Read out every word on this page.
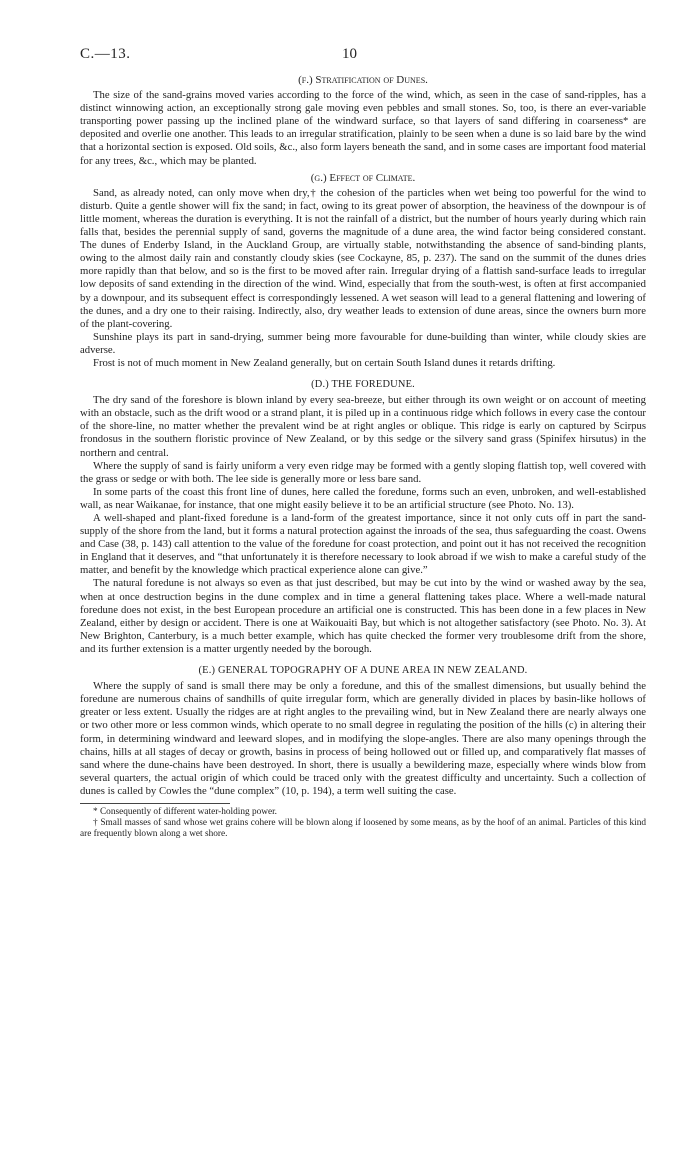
C.—13.	10
(f.) Stratification of Dunes.

The size of the sand-grains moved varies according to the force of the wind, which, as seen in the case of sand-ripples, has a distinct winnowing action, an exceptionally strong gale moving even pebbles and small stones. So, too, is there an ever-variable transporting power passing up the inclined plane of the windward surface, so that layers of sand differing in coarseness* are deposited and overlie one another. This leads to an irregular stratification, plainly to be seen when a dune is so laid bare by the wind that a horizontal section is exposed. Old soils, &c., also form layers beneath the sand, and in some cases are important food material for any trees, &c., which may be planted.

(g.) Effect of Climate.

Sand, as already noted, can only move when dry,† the cohesion of the particles when wet being too powerful for the wind to disturb. Quite a gentle shower will fix the sand; in fact, owing to its great power of absorption, the heaviness of the downpour is of little moment, whereas the duration is everything. It is not the rainfall of a district, but the number of hours yearly during which rain falls that, besides the perennial supply of sand, governs the magnitude of a dune area, the wind factor being considered constant. The dunes of Enderby Island, in the Auckland Group, are virtually stable, notwithstanding the absence of sand-binding plants, owing to the almost daily rain and constantly cloudy skies (see Cockayne, 85, p. 237). The sand on the summit of the dunes dries more rapidly than that below, and so is the first to be moved after rain. Irregular drying of a flattish sand-surface leads to irregular low deposits of sand extending in the direction of the wind. Wind, especially that from the south-west, is often at first accompanied by a downpour, and its subsequent effect is correspondingly lessened. A wet season will lead to a general flattening and lowering of the dunes, and a dry one to their raising. Indirectly, also, dry weather leads to extension of dune areas, since the owners burn more of the plant-covering.

Sunshine plays its part in sand-drying, summer being more favourable for dune-building than winter, while cloudy skies are adverse.

Frost is not of much moment in New Zealand generally, but on certain South Island dunes it retards drifting.

(D.) THE FOREDUNE.

The dry sand of the foreshore is blown inland by every sea-breeze, but either through its own weight or on account of meeting with an obstacle, such as the drift wood or a strand plant, it is piled up in a continuous ridge which follows in every case the contour of the shore-line, no matter whether the prevalent wind be at right angles or oblique. This ridge is early on captured by Scirpus frondosus in the southern floristic province of New Zealand, or by this sedge or the silvery sand grass (Spinifex hirsutus) in the northern and central.

Where the supply of sand is fairly uniform a very even ridge may be formed with a gently sloping flattish top, well covered with the grass or sedge or with both. The lee side is generally more or less bare sand.

In some parts of the coast this front line of dunes, here called the foredune, forms such an even, unbroken, and well-established wall, as near Waikanae, for instance, that one might easily believe it to be an artificial structure (see Photo. No. 13).

A well-shaped and plant-fixed foredune is a land-form of the greatest importance, since it not only cuts off in part the sand-supply of the shore from the land, but it forms a natural protection against the inroads of the sea, thus safeguarding the coast. Owens and Case (38, p. 143) call attention to the value of the foredune for coast protection, and point out it has not received the recognition in England that it deserves, and “that unfortunately it is therefore necessary to look abroad if we wish to make a careful study of the matter, and benefit by the knowledge which practical experience alone can give.”

The natural foredune is not always so even as that just described, but may be cut into by the wind or washed away by the sea, when at once destruction begins in the dune complex and in time a general flattening takes place. Where a well-made natural foredune does not exist, in the best European procedure an artificial one is constructed. This has been done in a few places in New Zealand, either by design or accident. There is one at Waikouaiti Bay, but which is not altogether satisfactory (see Photo. No. 3). At New Brighton, Canterbury, is a much better example, which has quite checked the former very troublesome drift from the shore, and its further extension is a matter urgently needed by the borough.

(E.) GENERAL TOPOGRAPHY OF A DUNE AREA IN NEW ZEALAND.

Where the supply of sand is small there may be only a foredune, and this of the smallest dimensions, but usually behind the foredune are numerous chains of sandhills of quite irregular form, which are generally divided in places by basin-like hollows of greater or less extent. Usually the ridges are at right angles to the prevailing wind, but in New Zealand there are nearly always one or two other more or less common winds, which operate to no small degree in regulating the position of the hills (c) in altering their form, in determining windward and leeward slopes, and in modifying the slope-angles. There are also many openings through the chains, hills at all stages of decay or growth, basins in process of being hollowed out or filled up, and comparatively flat masses of sand where the dune-chains have been destroyed. In short, there is usually a bewildering maze, especially where winds blow from several quarters, the actual origin of which could be traced only with the greatest difficulty and uncertainty. Such a collection of dunes is called by Cowles the “dune complex” (10, p. 194), a term well suiting the case.

* Consequently of different water-holding power.

† Small masses of sand whose wet grains cohere will be blown along if loosened by some means, as by the hoof of an animal. Particles of this kind are frequently blown along a wet shore.
